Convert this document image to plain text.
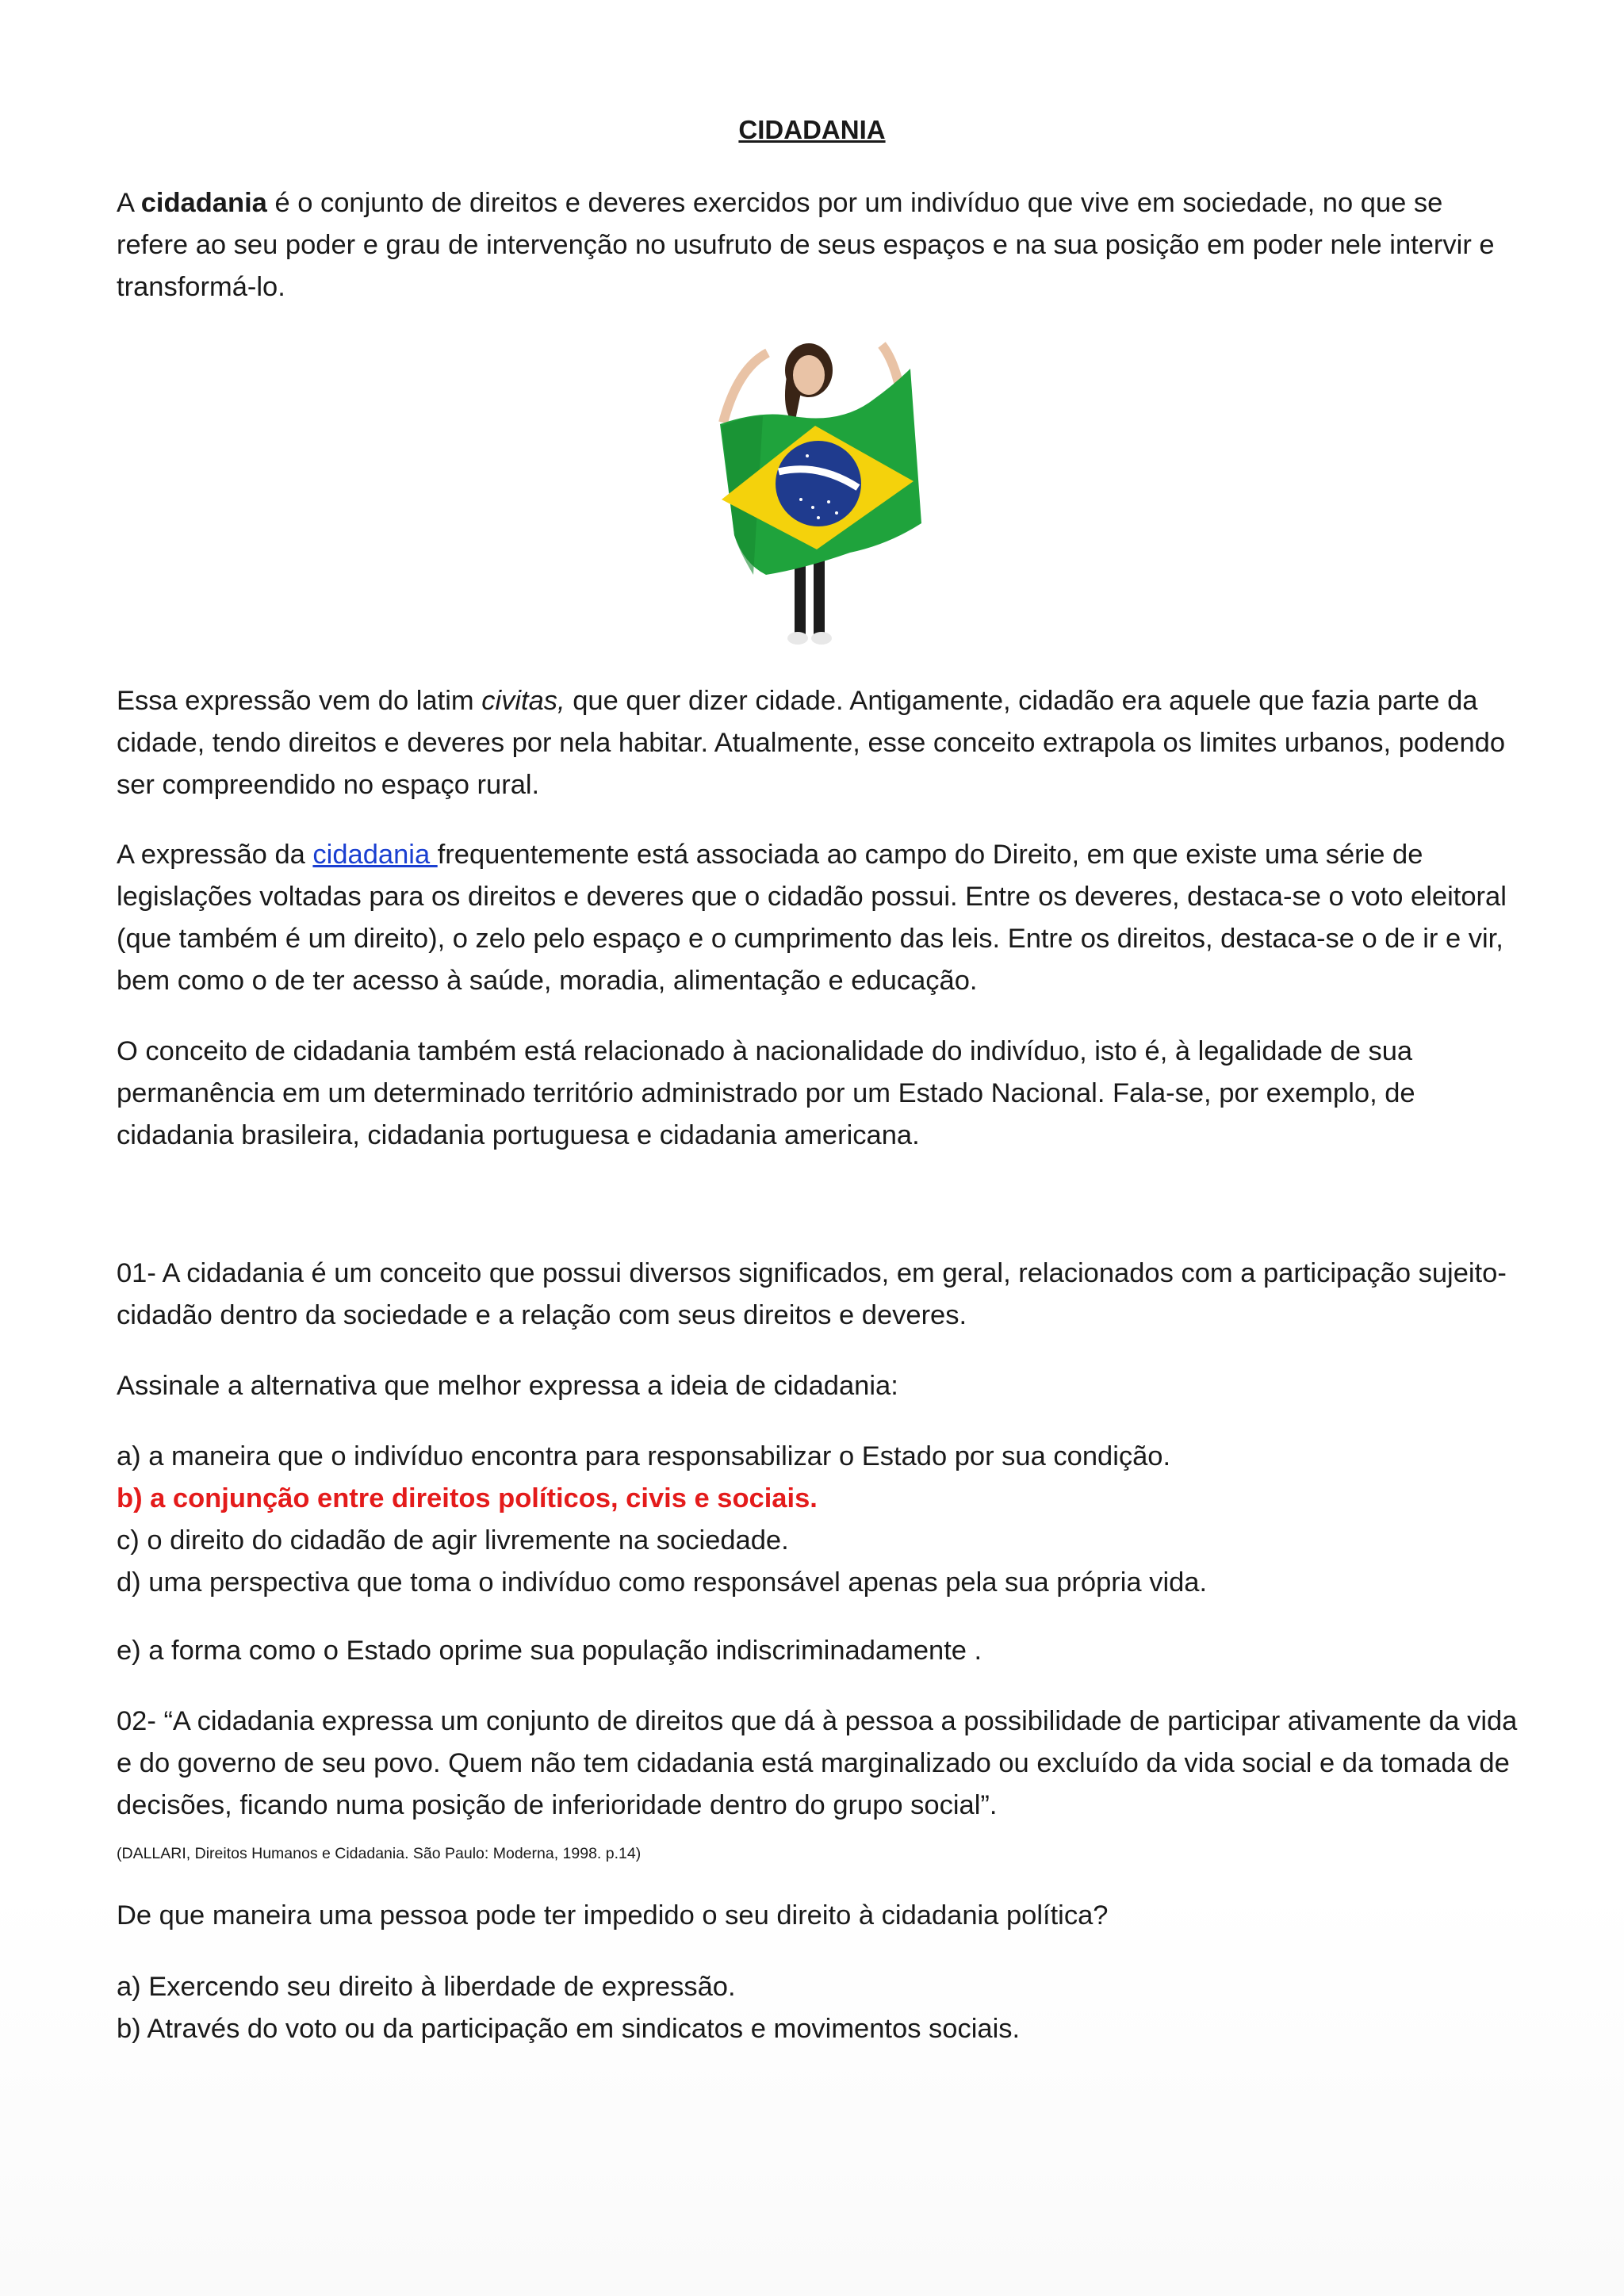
CIDADANIA

A cidadania é o conjunto de direitos e deveres exercidos por um indivíduo que vive em sociedade, no que se refere ao seu poder e grau de intervenção no usufruto de seus espaços e na sua posição em poder nele intervir e transformá-lo.

Essa expressão vem do latim civitas, que quer dizer cidade. Antigamente, cidadão era aquele que fazia parte da cidade, tendo direitos e deveres por nela habitar. Atualmente, esse conceito extrapola os limites urbanos, podendo ser compreendido no espaço rural.

A expressão da cidadania frequentemente está associada ao campo do Direito, em que existe uma série de legislações voltadas para os direitos e deveres que o cidadão possui. Entre os deveres, destaca-se o voto eleitoral (que também é um direito), o zelo pelo espaço e o cumprimento das leis. Entre os direitos, destaca-se o de ir e vir, bem como o de ter acesso à saúde, moradia, alimentação e educação.

O conceito de cidadania também está relacionado à nacionalidade do indivíduo, isto é, à legalidade de sua permanência em um determinado território administrado por um Estado Nacional. Fala-se, por exemplo, de cidadania brasileira, cidadania portuguesa e cidadania americana.

01- A cidadania é um conceito que possui diversos significados, em geral, relacionados com a participação sujeito-cidadão dentro da sociedade e a relação com seus direitos e deveres.

Assinale a alternativa que melhor expressa a ideia de cidadania:

a) a maneira que o indivíduo encontra para responsabilizar o Estado por sua condição.
b) a conjunção entre direitos políticos, civis e sociais.
c) o direito do cidadão de agir livremente na sociedade.
d) uma perspectiva que toma o indivíduo como responsável apenas pela sua própria vida.

e) a forma como o Estado oprime sua população indiscriminadamente .

02- “A cidadania expressa um conjunto de direitos que dá à pessoa a possibilidade de participar ativamente da vida e do governo de seu povo. Quem não tem cidadania está marginalizado ou excluído da vida social e da tomada de decisões, ficando numa posição de inferioridade dentro do grupo social”.

(DALLARI, Direitos Humanos e Cidadania. São Paulo: Moderna, 1998. p.14)

De que maneira uma pessoa pode ter impedido o seu direito à cidadania política?

a) Exercendo seu direito à liberdade de expressão.
b) Através do voto ou da participação em sindicatos e movimentos sociais.
